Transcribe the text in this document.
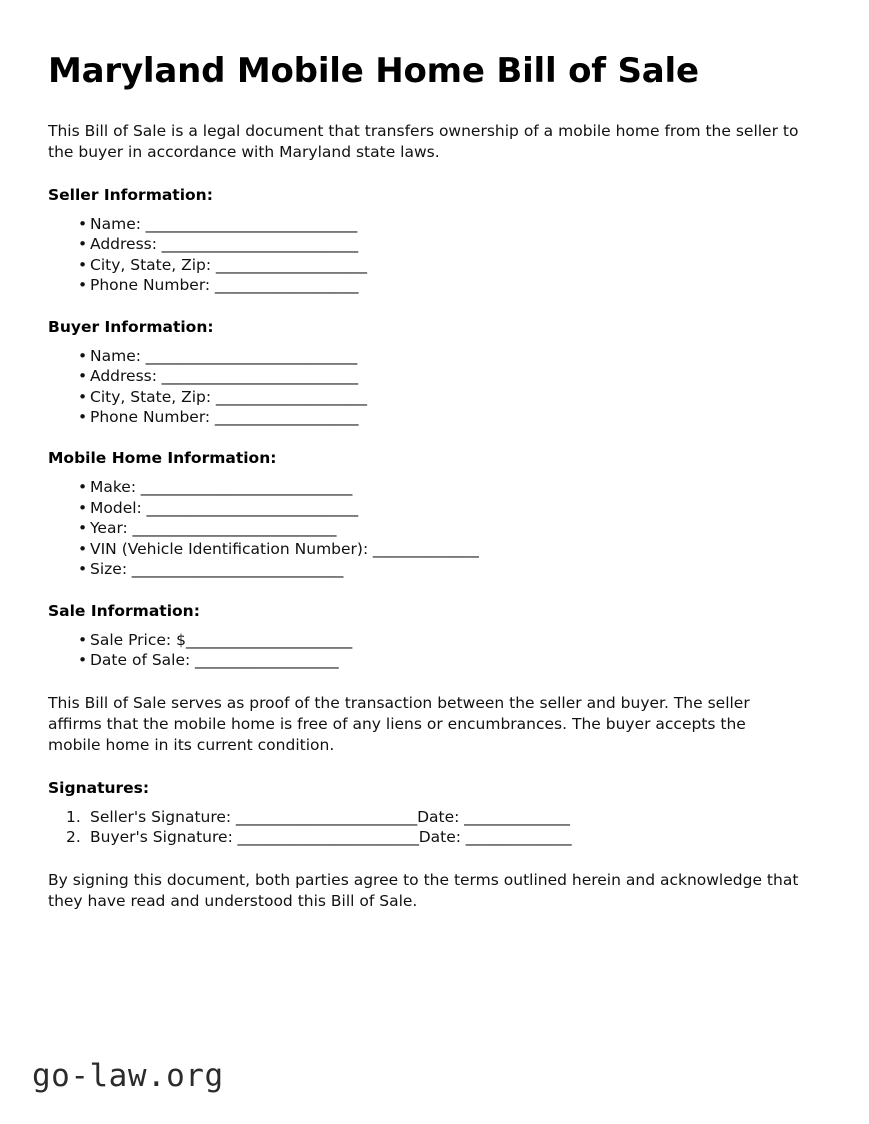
Maryland Mobile Home Bill of Sale

This Bill of Sale is a legal document that transfers ownership of a mobile home from the seller to the buyer in accordance with Maryland state laws.

Seller Information:
• Name: ____________________________
• Address: __________________________
• City, State, Zip: ____________________
• Phone Number: ___________________
Buyer Information:
• Name: ____________________________
• Address: __________________________
• City, State, Zip: ____________________
• Phone Number: ___________________
Mobile Home Information:
• Make: ____________________________
• Model: ____________________________
• Year: ___________________________
• VIN (Vehicle Identification Number): ______________
• Size: ____________________________
Sale Information:
• Sale Price: $______________________
• Date of Sale: ___________________

This Bill of Sale serves as proof of the transaction between the seller and buyer. The seller affirms that the mobile home is free of any liens or encumbrances. The buyer accepts the mobile home in its current condition.

Signatures:
Seller's Signature: ________________________Date: ______________
Buyer's Signature: ________________________Date: ______________

By signing this document, both parties agree to the terms outlined herein and acknowledge that they have read and understood this Bill of Sale.

go-law.org
